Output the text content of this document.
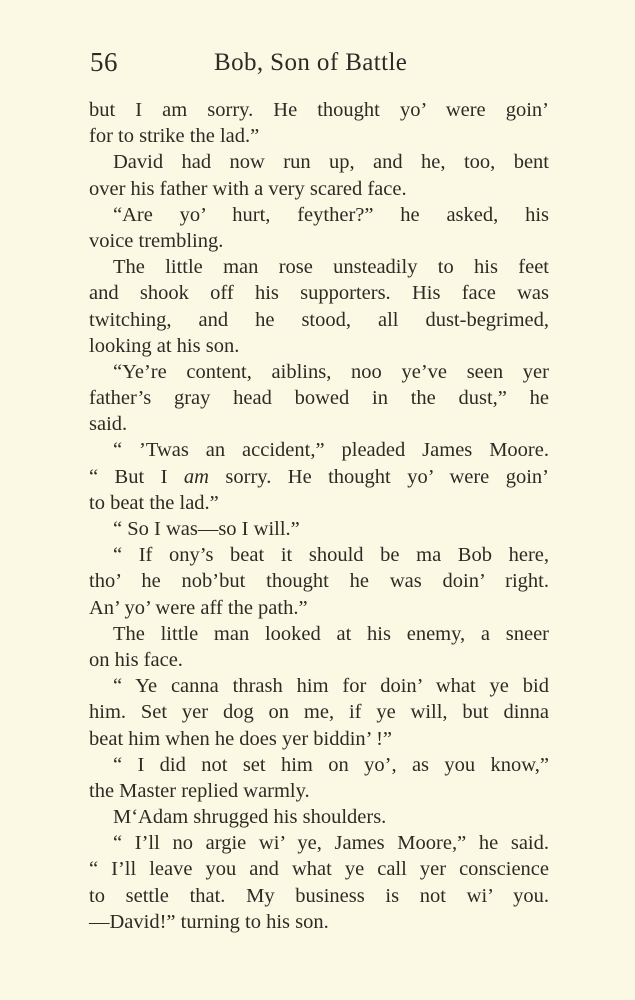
56	Bob, Son of Battle
but I am sorry. He thought yo’ were goin’
for to strike the lad.”
David had now run up, and he, too, bent
over his father with a very scared face.
“Are yo’ hurt, feyther?” he asked, his
voice trembling.
The little man rose unsteadily to his feet
and shook off his supporters. His face was
twitching, and he stood, all dust-begrimed,
looking at his son.
“Ye’re content, aiblins, noo ye’ve seen yer
father’s gray head bowed in the dust,” he
said.
“ ’Twas an accident,” pleaded James Moore.
“ But I am sorry. He thought yo’ were goin’
to beat the lad.”
“ So I was—so I will.”
“ If ony’s beat it should be ma Bob here,
tho’ he nob’but thought he was doin’ right.
An’ yo’ were aff the path.”
The little man looked at his enemy, a sneer
on his face.
“ Ye canna thrash him for doin’ what ye bid
him. Set yer dog on me, if ye will, but dinna
beat him when he does yer biddin’ !”
“ I did not set him on yo’, as you know,”
the Master replied warmly.
M‘Adam shrugged his shoulders.
“ I’ll no argie wi’ ye, James Moore,” he said.
“ I’ll leave you and what ye call yer conscience
to settle that. My business is not wi’ you.
—David!” turning to his son.
